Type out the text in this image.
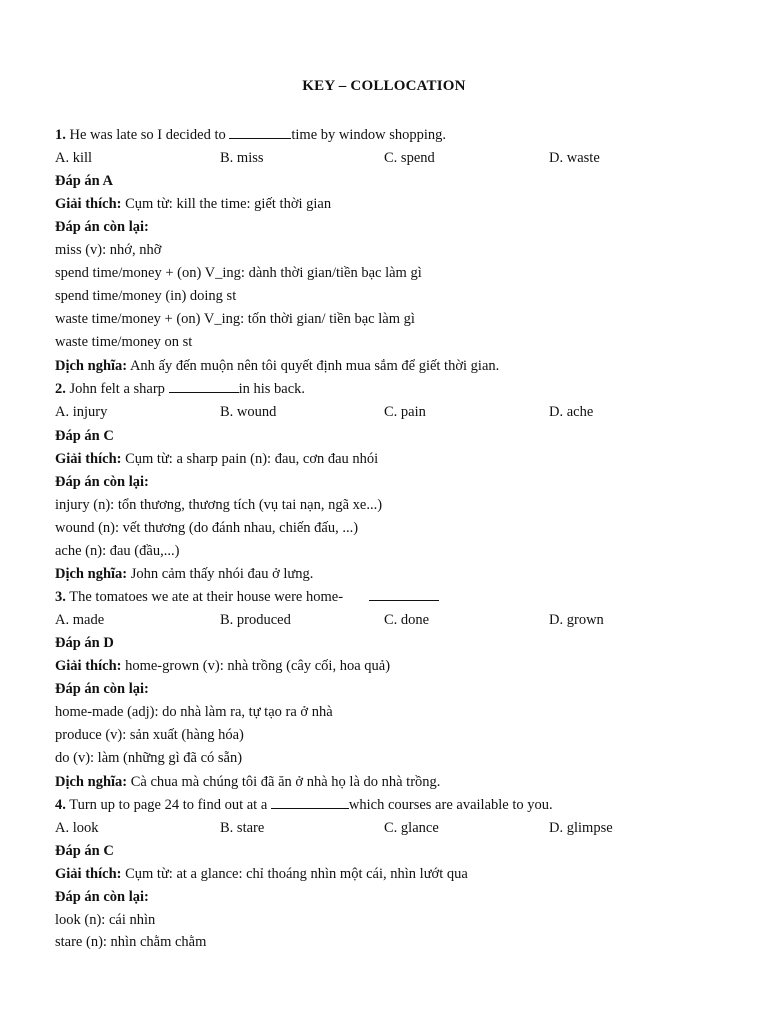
KEY – COLLOCATION
1. He was late so I decided to	time by window shopping.
A. kill	B. miss	C. spend	D. waste
Đáp án A
Giải thích: Cụm từ: kill the time: giết thời gian
Đáp án còn lại:
miss (v): nhớ, nhỡ
spend time/money + (on) V_ing: dành thời gian/tiền bạc làm gì
spend time/money (in) doing st
waste time/money + (on) V_ing: tốn thời gian/ tiền bạc làm gì
waste time/money on st
Dịch nghĩa: Anh ấy đến muộn nên tôi quyết định mua sắm để giết thời gian.
2. John felt a sharp	in his back.
A. injury	B. wound	C. pain	D. ache
Đáp án C
Giải thích: Cụm từ: a sharp pain (n): đau, cơn đau nhói
Đáp án còn lại:
injury (n): tổn thương, thương tích (vụ tai nạn, ngã xe...)
wound (n): vết thương (do đánh nhau, chiến đấu, ...)
ache (n): đau (đầu,...)
Dịch nghĩa: John cảm thấy nhói đau ở lưng.
3. The tomatoes we ate at their house were home-
A. made	B. produced	C. done	D. grown
Đáp án D
Giải thích: home-grown (v): nhà trồng (cây cối, hoa quả)
Đáp án còn lại:
home-made (adj): do nhà làm ra, tự tạo ra ở nhà
produce (v): sản xuất (hàng hóa)
do (v): làm (những gì đã có sẵn)
Dịch nghĩa: Cà chua mà chúng tôi đã ăn ở nhà họ là do nhà trồng.
4. Turn up to page 24 to find out at a	which courses are available to you.
A. look	B. stare	C. glance	D. glimpse
Đáp án C
Giải thích: Cụm từ: at a glance: chỉ thoáng nhìn một cái, nhìn lướt qua
Đáp án còn lại:
look (n): cái nhìn
stare (n): nhìn chằm chằm
